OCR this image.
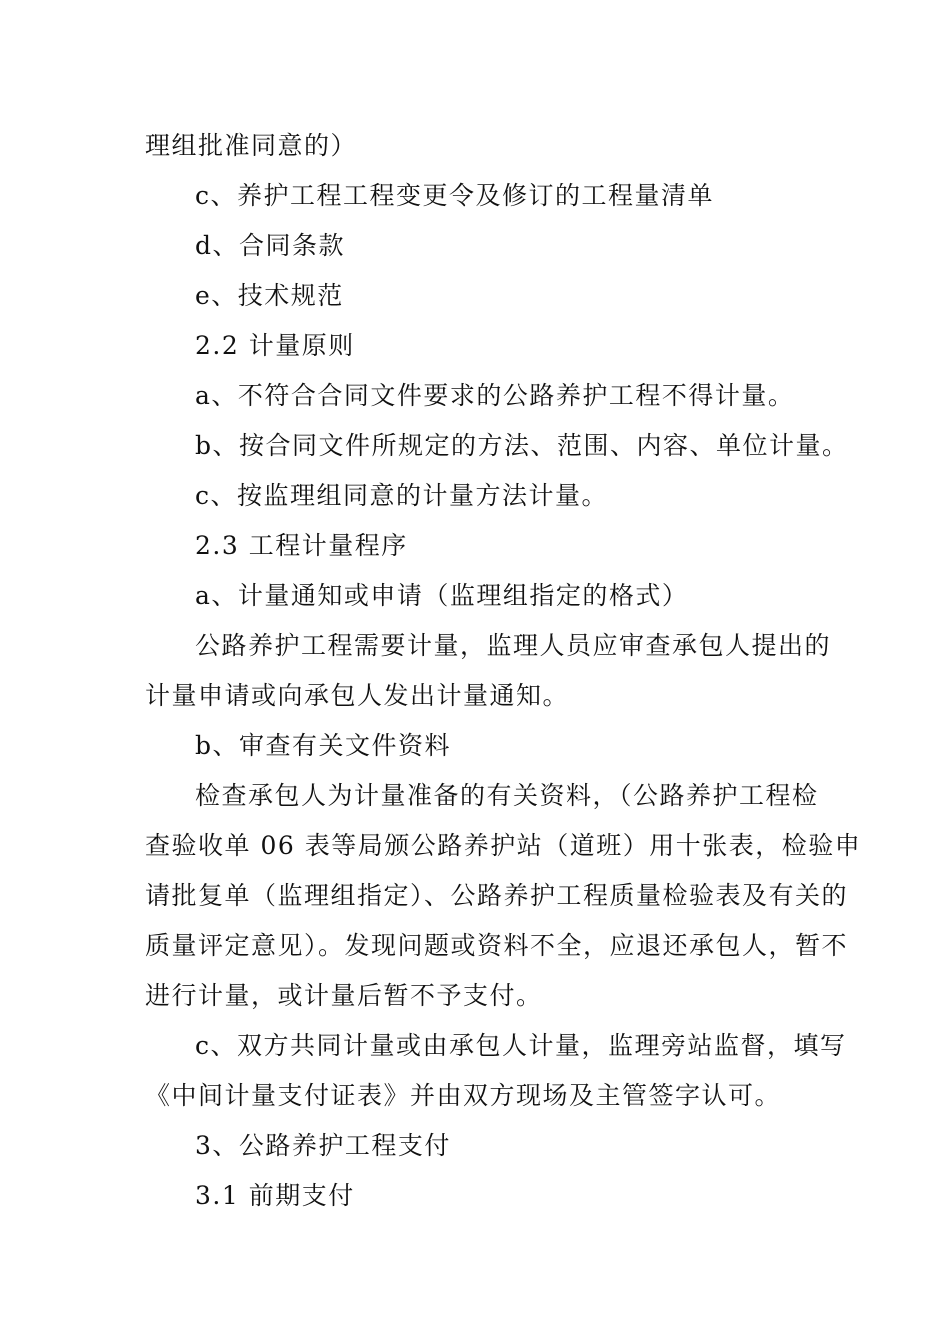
理组批准同意的）
c、养护工程工程变更令及修订的工程量清单
d、合同条款
e、技术规范
2.2 计量原则
a、不符合合同文件要求的公路养护工程不得计量。
b、按合同文件所规定的方法、范围、内容、单位计量。
c、按监理组同意的计量方法计量。
2.3 工程计量程序
a、计量通知或申请（监理组指定的格式）
公路养护工程需要计量，监理人员应审查承包人提出的
计量申请或向承包人发出计量通知。
b、审查有关文件资料
检查承包人为计量准备的有关资料，（公路养护工程检
查验收单 06 表等局颁公路养护站（道班）用十张表，检验申
请批复单（监理组指定）、公路养护工程质量检验表及有关的
质量评定意见）。发现问题或资料不全，应退还承包人，暂不
进行计量，或计量后暂不予支付。
c、双方共同计量或由承包人计量，监理旁站监督，填写
《中间计量支付证表》并由双方现场及主管签字认可。
3、公路养护工程支付
3.1 前期支付
